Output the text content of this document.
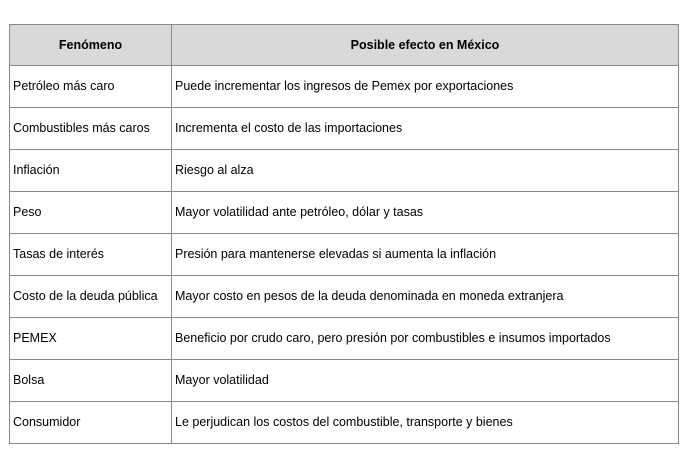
Fenómeno	Posible efecto en México
Petróleo más caro	Puede incrementar los ingresos de Pemex por exportaciones
Combustibles más caros	Incrementa el costo de las importaciones
Inflación	Riesgo al alza
Peso	Mayor volatilidad ante petróleo, dólar y tasas
Tasas de interés	Presión para mantenerse elevadas si aumenta la inflación
Costo de la deuda pública	Mayor costo en pesos de la deuda denominada en moneda extranjera
PEMEX	Beneficio por crudo caro, pero presión por combustibles e insumos importados
Bolsa	Mayor volatilidad
Consumidor	Le perjudican los costos del combustible, transporte y bienes
